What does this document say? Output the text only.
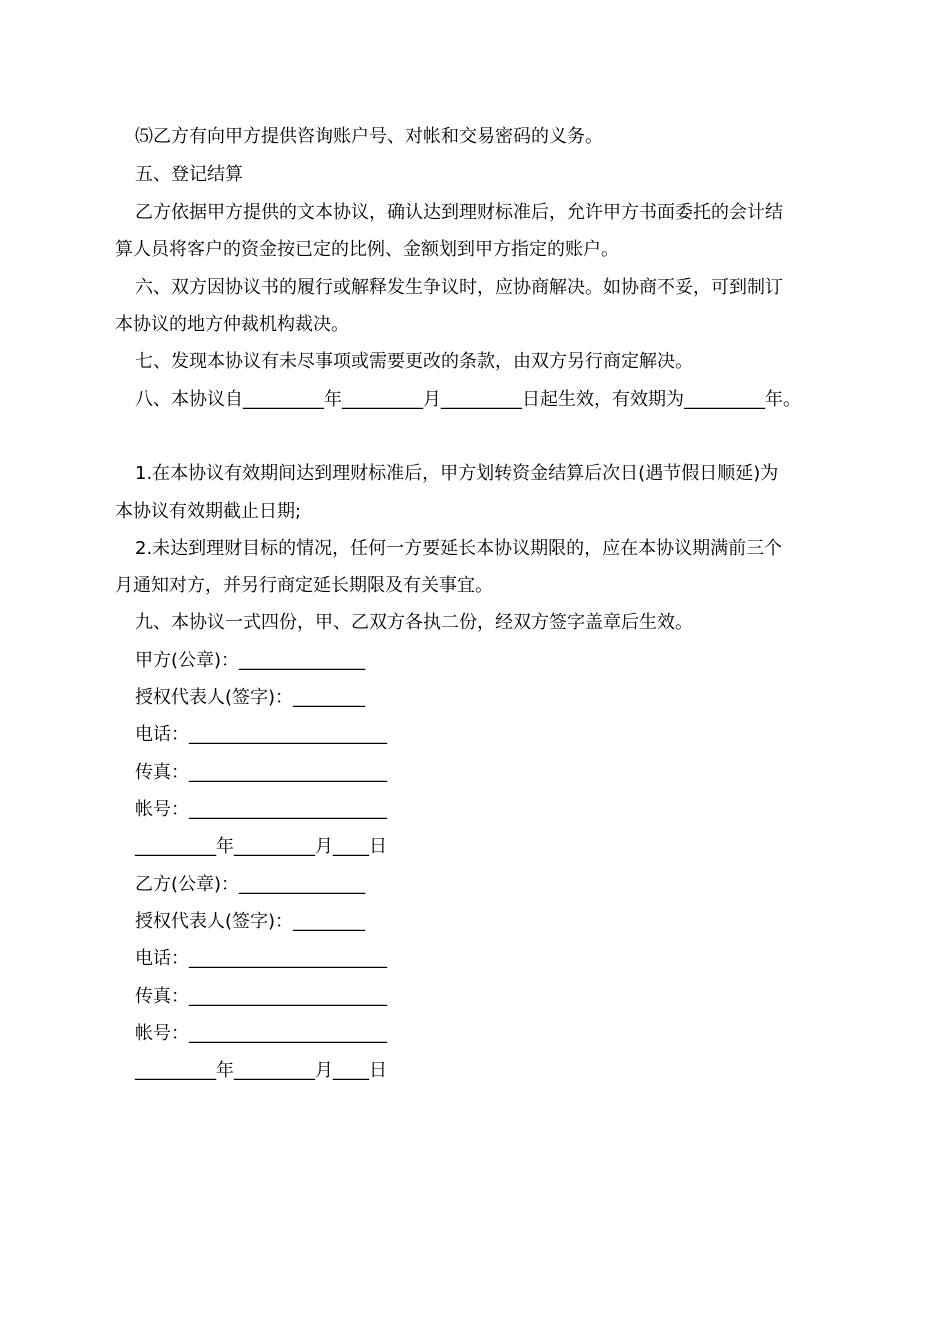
⑸乙方有向甲方提供咨询账户号、对帐和交易密码的义务。
五、登记结算
乙方依据甲方提供的文本协议，确认达到理财标准后，允许甲方书面委托的会计结
算人员将客户的资金按已定的比例、金额划到甲方指定的账户。
六、双方因协议书的履行或解释发生争议时，应协商解决。如协商不妥，可到制订
本协议的地方仲裁机构裁决。
七、发现本协议有未尽事项或需要更改的条款，由双方另行商定解决。
八、本协议自_________年_________月_________日起生效，有效期为_________年。
1.在本协议有效期间达到理财标准后，甲方划转资金结算后次日(遇节假日顺延)为
本协议有效期截止日期;
2.未达到理财目标的情况，任何一方要延长本协议期限的，应在本协议期满前三个
月通知对方，并另行商定延长期限及有关事宜。
九、本协议一式四份，甲、乙双方各执二份，经双方签字盖章后生效。
甲方(公章)：______________
授权代表人(签字)：________
电话：______________________
传真：______________________
帐号：______________________
_________年_________月____日
乙方(公章)：______________
授权代表人(签字)：________
电话：______________________
传真：______________________
帐号：______________________
_________年_________月____日
